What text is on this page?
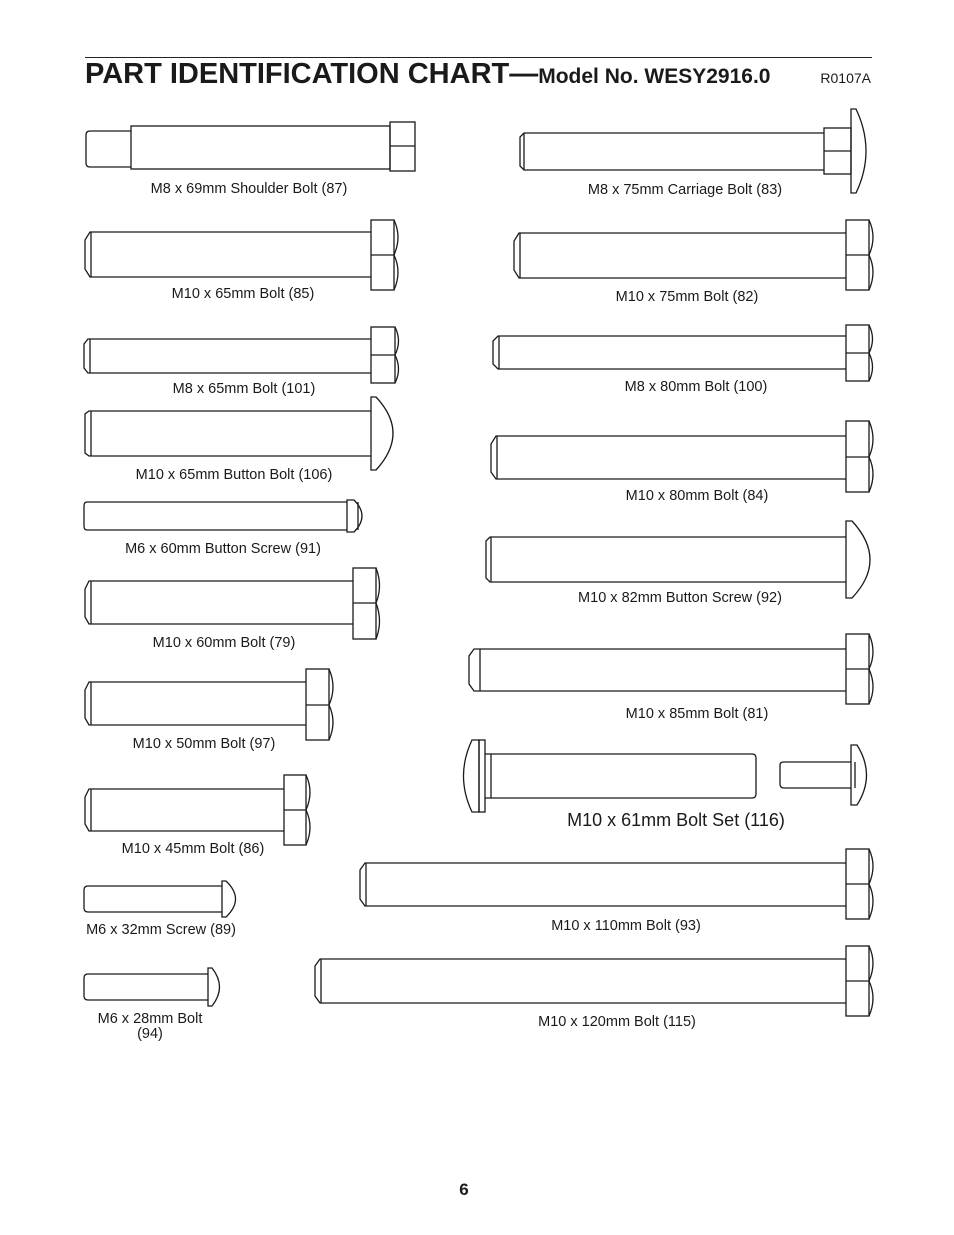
PART IDENTIFICATION CHART—Model No. WESY2916.0	R0107A
M8 x 69mm Shoulder Bolt (87)	M8 x 75mm Carriage Bolt (83)
M10 x 65mm Bolt (85)	M10 x 75mm Bolt (82)
M8 x 65mm Bolt (101)	M8 x 80mm Bolt (100)
M10 x 65mm Button Bolt (106)
M10 x 80mm Bolt (84)
M6 x 60mm Button Screw (91)
M10 x 82mm Button Screw (92)
M10 x 60mm Bolt (79)
M10 x 85mm Bolt (81)
M10 x 50mm Bolt (97)
M10 x 61mm Bolt Set (116)
M10 x 45mm Bolt (86)
M10 x 110mm Bolt (93)
M6 x 32mm Screw (89)
M10 x 120mm Bolt (115)
M6 x 28mm Bolt (94)
6
